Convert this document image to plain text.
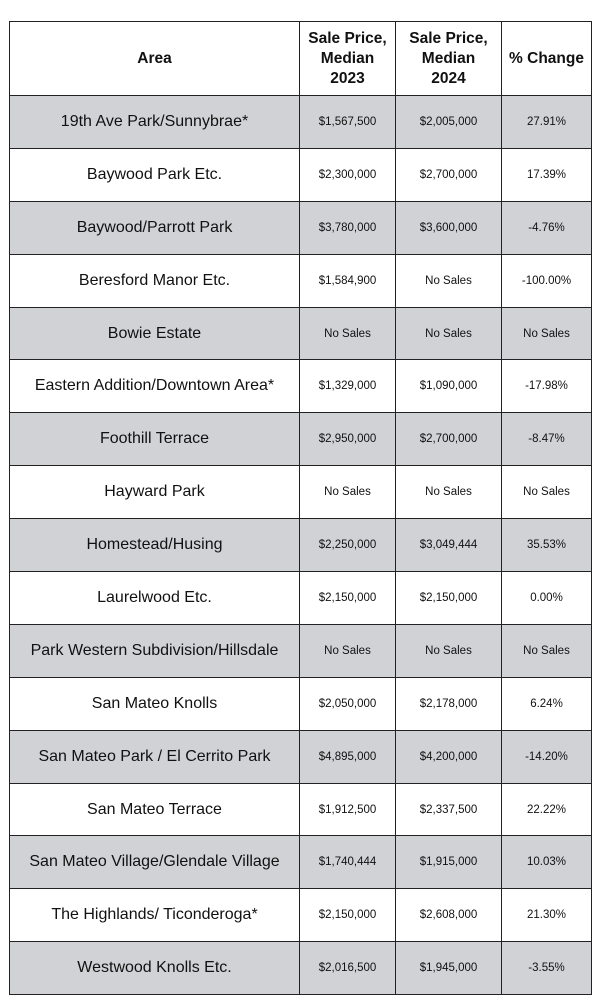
Area	Sale Price,
Median
2023	Sale Price,
Median
2024	% Change

19th Ave Park/Sunnybrae*	$1,567,500	$2,005,000	27.91%
Baywood Park Etc.	$2,300,000	$2,700,000	17.39%
Baywood/Parrott Park	$3,780,000	$3,600,000	-4.76%
Beresford Manor Etc.	$1,584,900	No Sales	-100.00%
Bowie Estate	No Sales	No Sales	No Sales
Eastern Addition/Downtown Area*	$1,329,000	$1,090,000	-17.98%
Foothill Terrace	$2,950,000	$2,700,000	-8.47%
Hayward Park	No Sales	No Sales	No Sales
Homestead/Husing	$2,250,000	$3,049,444	35.53%
Laurelwood Etc.	$2,150,000	$2,150,000	0.00%
Park Western Subdivision/Hillsdale	No Sales	No Sales	No Sales
San Mateo Knolls	$2,050,000	$2,178,000	6.24%
San Mateo Park / El Cerrito Park	$4,895,000	$4,200,000	-14.20%
San Mateo Terrace	$1,912,500	$2,337,500	22.22%
San Mateo Village/Glendale Village	$1,740,444	$1,915,000	10.03%
The Highlands/ Ticonderoga*	$2,150,000	$2,608,000	21.30%
Westwood Knolls Etc.	$2,016,500	$1,945,000	-3.55%
